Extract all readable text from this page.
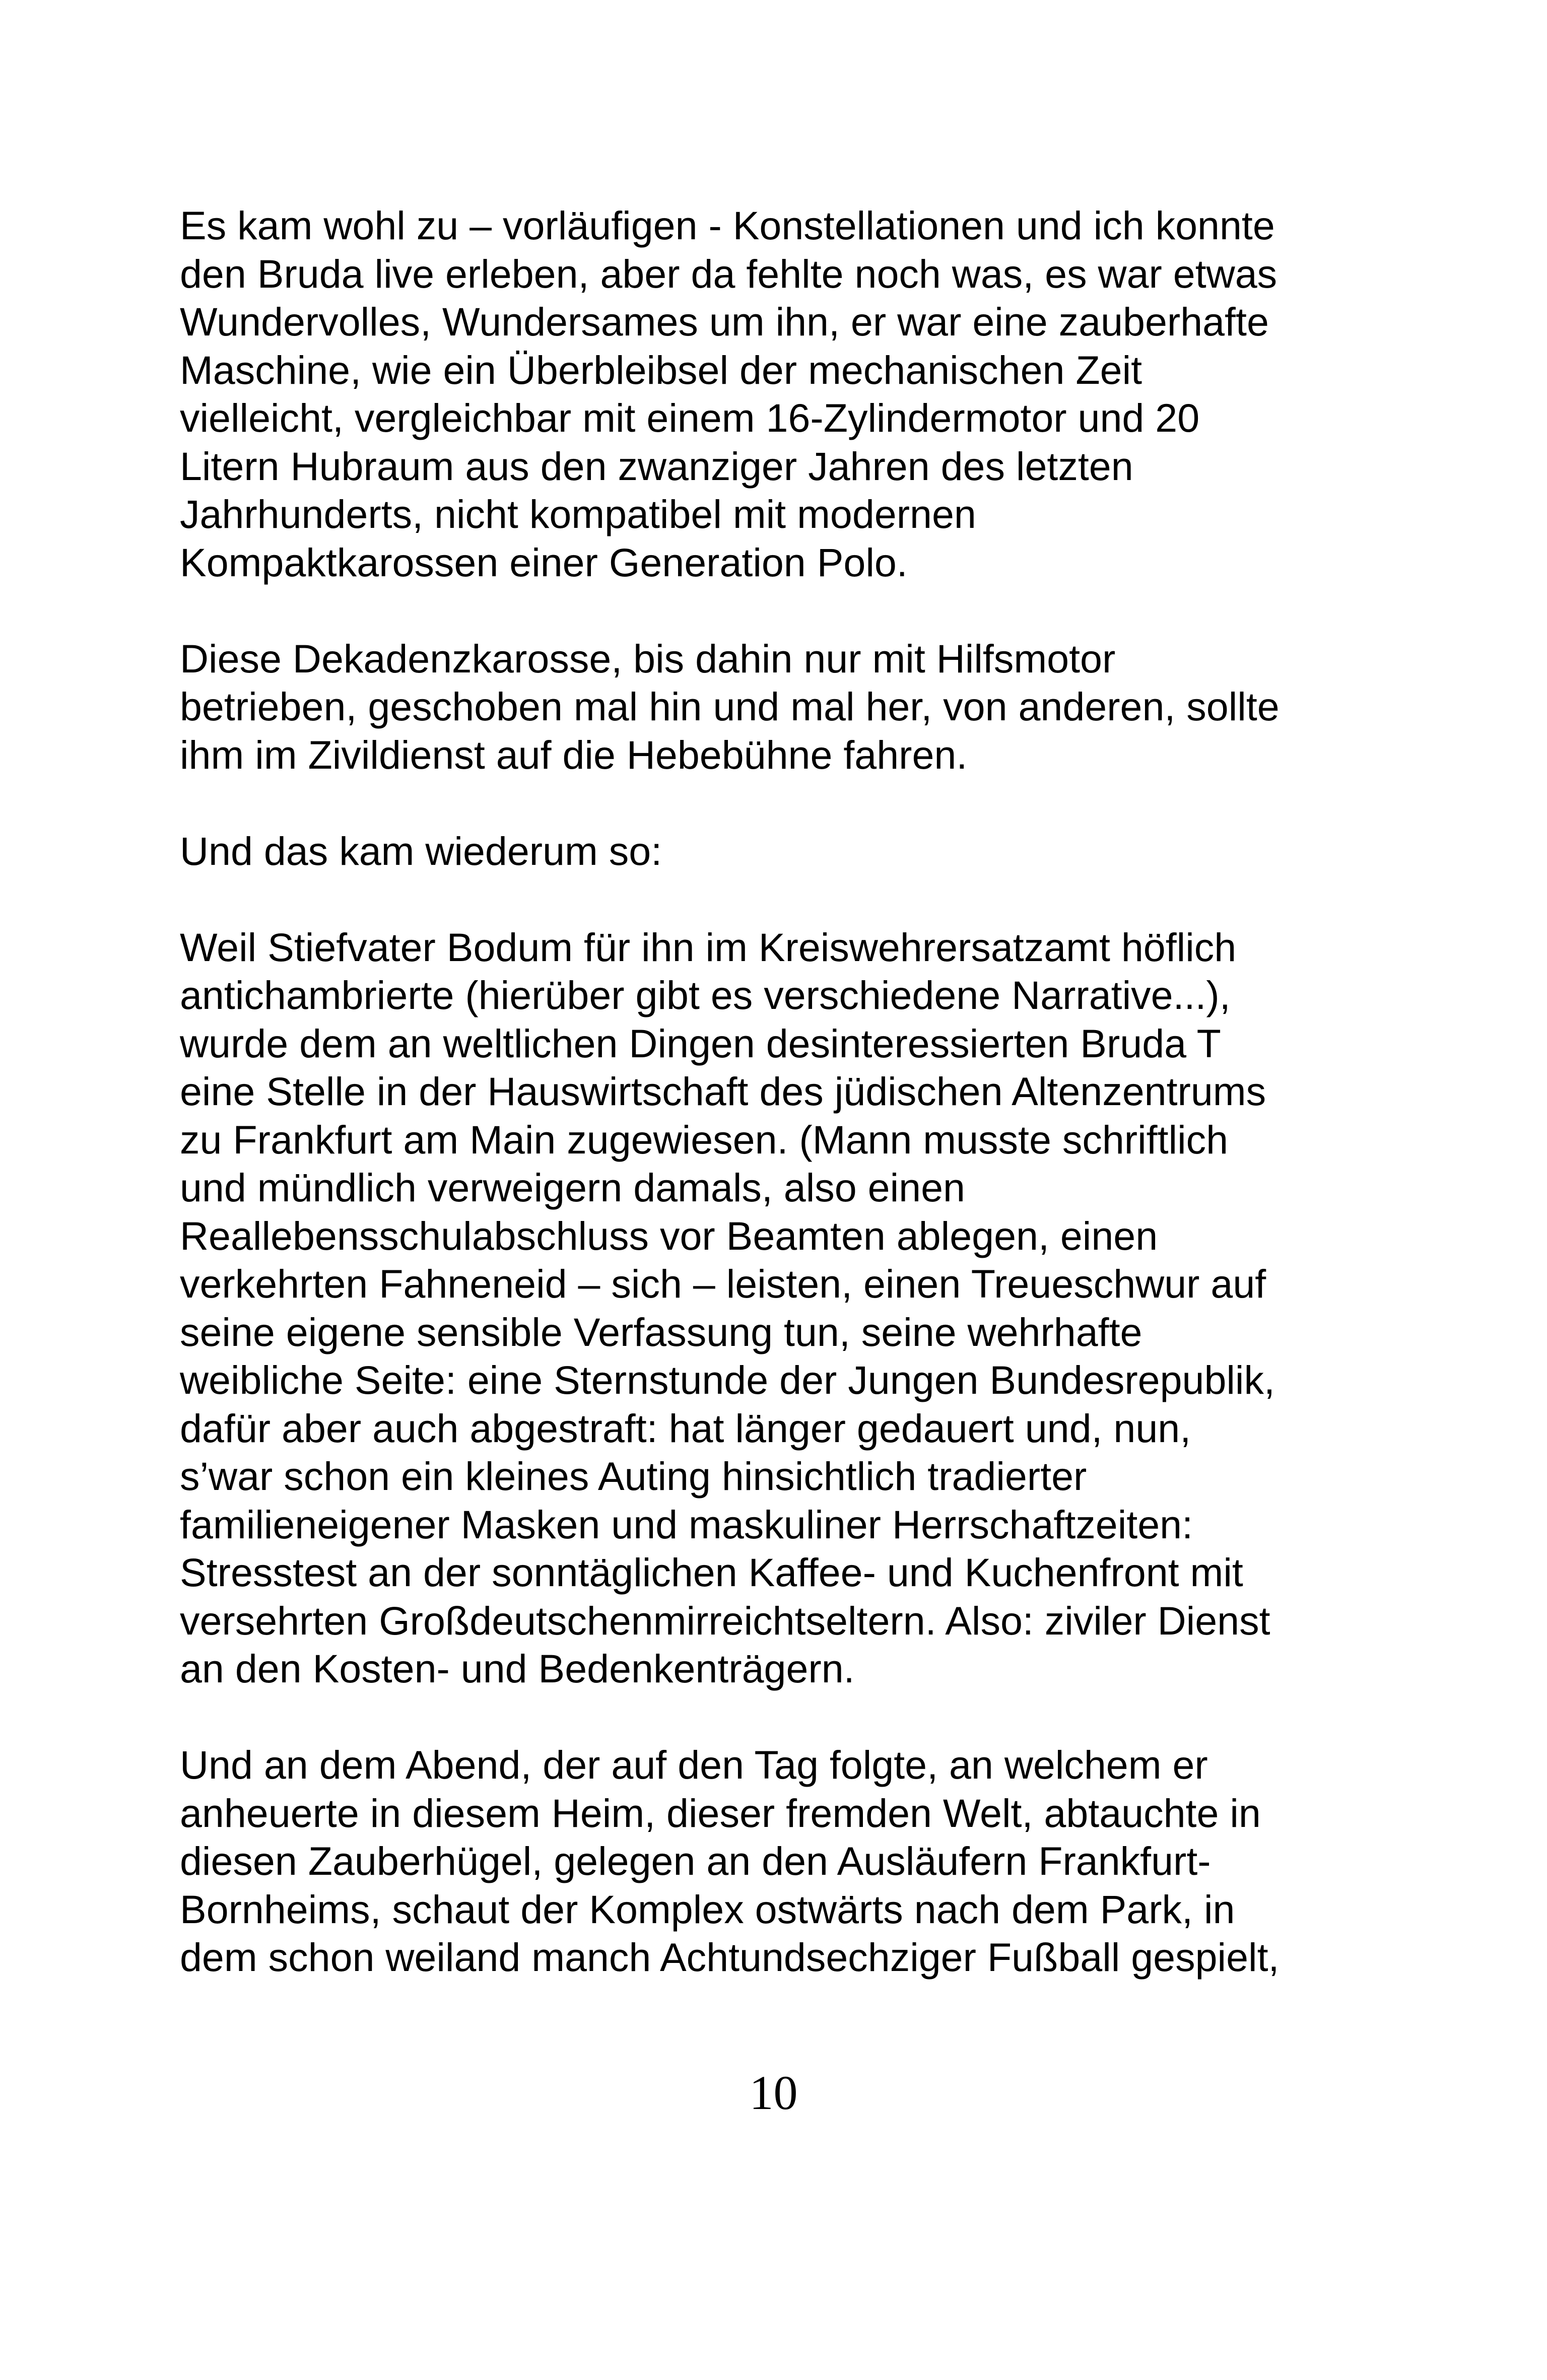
Es kam wohl zu – vorläufigen - Konstellationen und ich konnte
den Bruda live erleben, aber da fehlte noch was, es war etwas
Wundervolles, Wundersames um ihn, er war eine zauberhafte
Maschine, wie ein Überbleibsel der mechanischen Zeit
vielleicht, vergleichbar mit einem 16-Zylindermotor und 20
Litern Hubraum aus den zwanziger Jahren des letzten
Jahrhunderts, nicht kompatibel mit modernen
Kompaktkarossen einer Generation Polo.
Diese Dekadenzkarosse, bis dahin nur mit Hilfsmotor
betrieben, geschoben mal hin und mal her, von anderen, sollte
ihm im Zivildienst auf die Hebebühne fahren.
Und das kam wiederum so:
Weil Stiefvater Bodum für ihn im Kreiswehrersatzamt höflich
antichambrierte (hierüber gibt es verschiedene Narrative...),
wurde dem an weltlichen Dingen desinteressierten Bruda T
eine Stelle in der Hauswirtschaft des jüdischen Altenzentrums
zu Frankfurt am Main zugewiesen. (Mann musste schriftlich
und mündlich verweigern damals, also einen
Reallebensschulabschluss vor Beamten ablegen, einen
verkehrten Fahneneid – sich – leisten, einen Treueschwur auf
seine eigene sensible Verfassung tun, seine wehrhafte
weibliche Seite: eine Sternstunde der Jungen Bundesrepublik,
dafür aber auch abgestraft: hat länger gedauert und, nun,
s’war schon ein kleines Auting hinsichtlich tradierter
familieneigener Masken und maskuliner Herrschaftzeiten:
Stresstest an der sonntäglichen Kaffee- und Kuchenfront mit
versehrten Großdeutschenmirreichtseltern. Also: ziviler Dienst
an den Kosten- und Bedenkenträgern.
Und an dem Abend, der auf den Tag folgte, an welchem er
anheuerte in diesem Heim, dieser fremden Welt, abtauchte in
diesen Zauberhügel, gelegen an den Ausläufern Frankfurt-
Bornheims, schaut der Komplex ostwärts nach dem Park, in
dem schon weiland manch Achtundsechziger Fußball gespielt,
10
